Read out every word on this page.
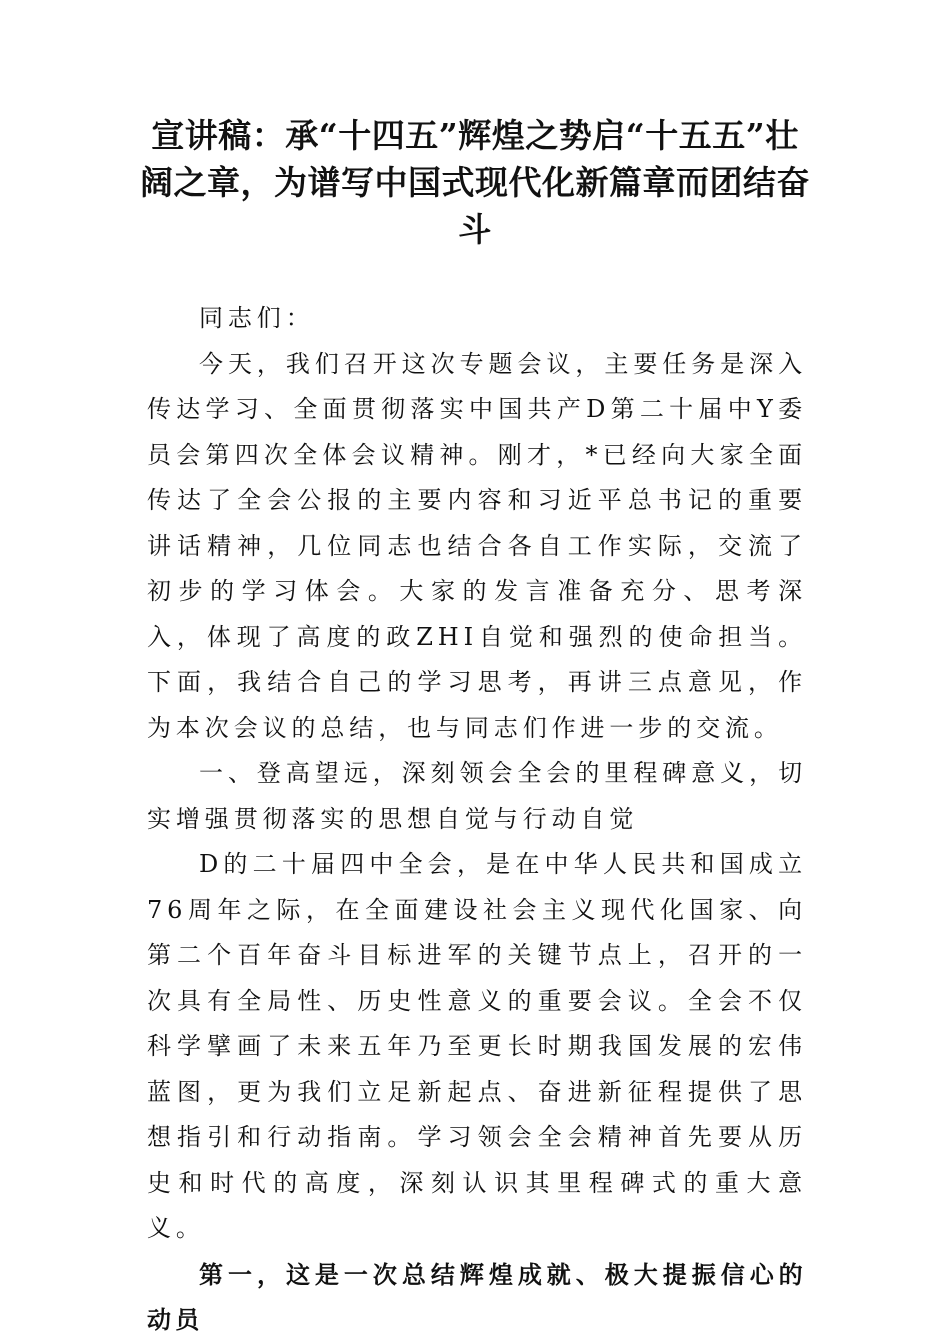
宣讲稿：承“十四五”辉煌之势启“十五五”壮阔之章，为谱写中国式现代化新篇章而团结奋斗

同志们：

今天，我们召开这次专题会议，主要任务是深入传达学习、全面贯彻落实中国共产D第二十届中Y委员会第四次全体会议精神。刚才，*已经向大家全面传达了全会公报的主要内容和习近平总书记的重要讲话精神，几位同志也结合各自工作实际，交流了初步的学习体会。大家的发言准备充分、思考深入，体现了高度的政ZHI自觉和强烈的使命担当。下面，我结合自己的学习思考，再讲三点意见，作为本次会议的总结，也与同志们作进一步的交流。

一、登高望远，深刻领会全会的里程碑意义，切实增强贯彻落实的思想自觉与行动自觉

D的二十届四中全会，是在中华人民共和国成立76周年之际，在全面建设社会主义现代化国家、向第二个百年奋斗目标进军的关键节点上，召开的一次具有全局性、历史性意义的重要会议。全会不仅科学擘画了未来五年乃至更长时期我国发展的宏伟蓝图，更为我们立足新起点、奋进新征程提供了思想指引和行动指南。学习领会全会精神首先要从历史和时代的高度，深刻认识其里程碑式的重大意义。

第一，这是一次总结辉煌成就、极大提振信心的动员
